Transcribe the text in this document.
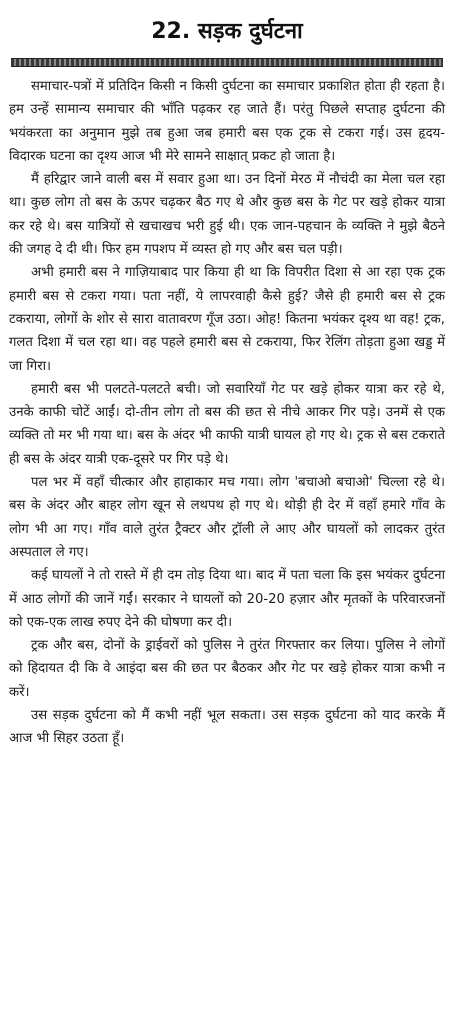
22. सड़क दुर्घटना

समाचार-पत्रों में प्रतिदिन किसी न किसी दुर्घटना का समाचार प्रकाशित होता ही रहता है। हम उन्हें सामान्य समाचार की भाँति पढ़कर रह जाते हैं। परंतु पिछले सप्ताह दुर्घटना की भयंकरता का अनुमान मुझे तब हुआ जब हमारी बस एक ट्रक से टकरा गई। उस हृदय-विदारक घटना का दृश्य आज भी मेरे सामने साक्षात् प्रकट हो जाता है।

मैं हरिद्वार जाने वाली बस में सवार हुआ था। उन दिनों मेरठ में नौचंदी का मेला चल रहा था। कुछ लोग तो बस के ऊपर चढ़कर बैठ गए थे और कुछ बस के गेट पर खड़े होकर यात्रा कर रहे थे। बस यात्रियों से खचाखच भरी हुई थी। एक जान-पहचान के व्यक्ति ने मुझे बैठने की जगह दे दी थी। फिर हम गपशप में व्यस्त हो गए और बस चल पड़ी।

अभी हमारी बस ने गाज़ियाबाद पार किया ही था कि विपरीत दिशा से आ रहा एक ट्रक हमारी बस से टकरा गया। पता नहीं, ये लापरवाही कैसे हुई? जैसे ही हमारी बस से ट्रक टकराया, लोगों के शोर से सारा वातावरण गूँज उठा। ओह! कितना भयंकर दृश्य था वह! ट्रक, गलत दिशा में चल रहा था। वह पहले हमारी बस से टकराया, फिर रेलिंग तोड़ता हुआ खड्ड में जा गिरा।

हमारी बस भी पलटते-पलटते बची। जो सवारियाँ गेट पर खड़े होकर यात्रा कर रहे थे, उनके काफी चोटें आईं। दो-तीन लोग तो बस की छत से नीचे आकर गिर पड़े। उनमें से एक व्यक्ति तो मर भी गया था। बस के अंदर भी काफी यात्री घायल हो गए थे। ट्रक से बस टकराते ही बस के अंदर यात्री एक-दूसरे पर गिर पड़े थे।

पल भर में वहाँ चीत्कार और हाहाकार मच गया। लोग 'बचाओ बचाओ' चिल्ला रहे थे। बस के अंदर और बाहर लोग खून से लथपथ हो गए थे। थोड़ी ही देर में वहाँ हमारे गाँव के लोग भी आ गए। गाँव वाले तुरंत ट्रैक्टर और ट्रॉली ले आए और घायलों को लादकर तुरंत अस्पताल ले गए।

कई घायलों ने तो रास्ते में ही दम तोड़ दिया था। बाद में पता चला कि इस भयंकर दुर्घटना में आठ लोगों की जानें गईं। सरकार ने घायलों को 20-20 हज़ार और मृतकों के परिवारजनों को एक-एक लाख रुपए देने की घोषणा कर दी।

ट्रक और बस, दोनों के ड्राईवरों को पुलिस ने तुरंत गिरफ्तार कर लिया। पुलिस ने लोगों को हिदायत दी कि वे आइंदा बस की छत पर बैठकर और गेट पर खड़े होकर यात्रा कभी न करें।

उस सड़क दुर्घटना को मैं कभी नहीं भूल सकता। उस सड़क दुर्घटना को याद करके मैं आज भी सिहर उठता हूँ।
